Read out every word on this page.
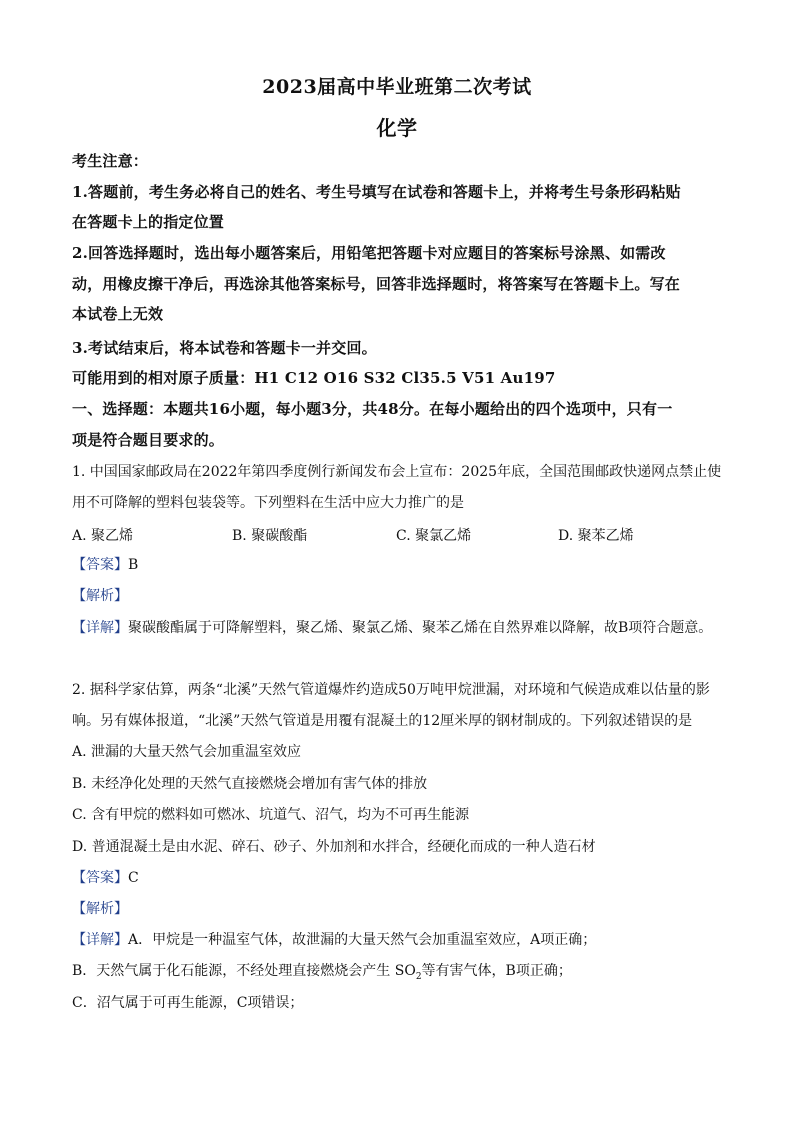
2023届高中毕业班第二次考试
化学
考生注意：
1.答题前，考生务必将自己的姓名、考生号填写在试卷和答题卡上，并将考生号条形码粘贴
在答题卡上的指定位置
2.回答选择题时，选出每小题答案后，用铅笔把答题卡对应题目的答案标号涂黑、如需改
动，用橡皮擦干净后，再选涂其他答案标号，回答非选择题时，将答案写在答题卡上。写在
本试卷上无效
3.考试结束后，将本试卷和答题卡一并交回。
可能用到的相对原子质量：H1 C12 O16 S32 Cl35.5 V51 Au197
一、选择题：本题共16小题，每小题3分，共48分。在每小题给出的四个选项中，只有一
项是符合题目要求的。
1. 中国国家邮政局在2022年第四季度例行新闻发布会上宣布：2025年底，全国范围邮政快递网点禁止使
用不可降解的塑料包装袋等。下列塑料在生活中应大力推广的是
A. 聚乙烯	B. 聚碳酸酯	C. 聚氯乙烯	D. 聚苯乙烯
【答案】B
【解析】
【详解】聚碳酸酯属于可降解塑料，聚乙烯、聚氯乙烯、聚苯乙烯在自然界难以降解，故B项符合题意。
2. 据科学家估算，两条“北溪”天然气管道爆炸约造成50万吨甲烷泄漏，对环境和气候造成难以估量的影
响。另有媒体报道，“北溪”天然气管道是用覆有混凝土的12厘米厚的钢材制成的。下列叙述错误的是
A. 泄漏的大量天然气会加重温室效应
B. 未经净化处理的天然气直接燃烧会增加有害气体的排放
C. 含有甲烷的燃料如可燃冰、坑道气、沼气，均为不可再生能源
D. 普通混凝土是由水泥、碎石、砂子、外加剂和水拌合，经硬化而成的一种人造石材
【答案】C
【解析】
【详解】A．甲烷是一种温室气体，故泄漏的大量天然气会加重温室效应，A项正确；
B．天然气属于化石能源，不经处理直接燃烧会产生 $SO_2$等有害气体，B项正确；
C．沼气属于可再生能源，C项错误；
